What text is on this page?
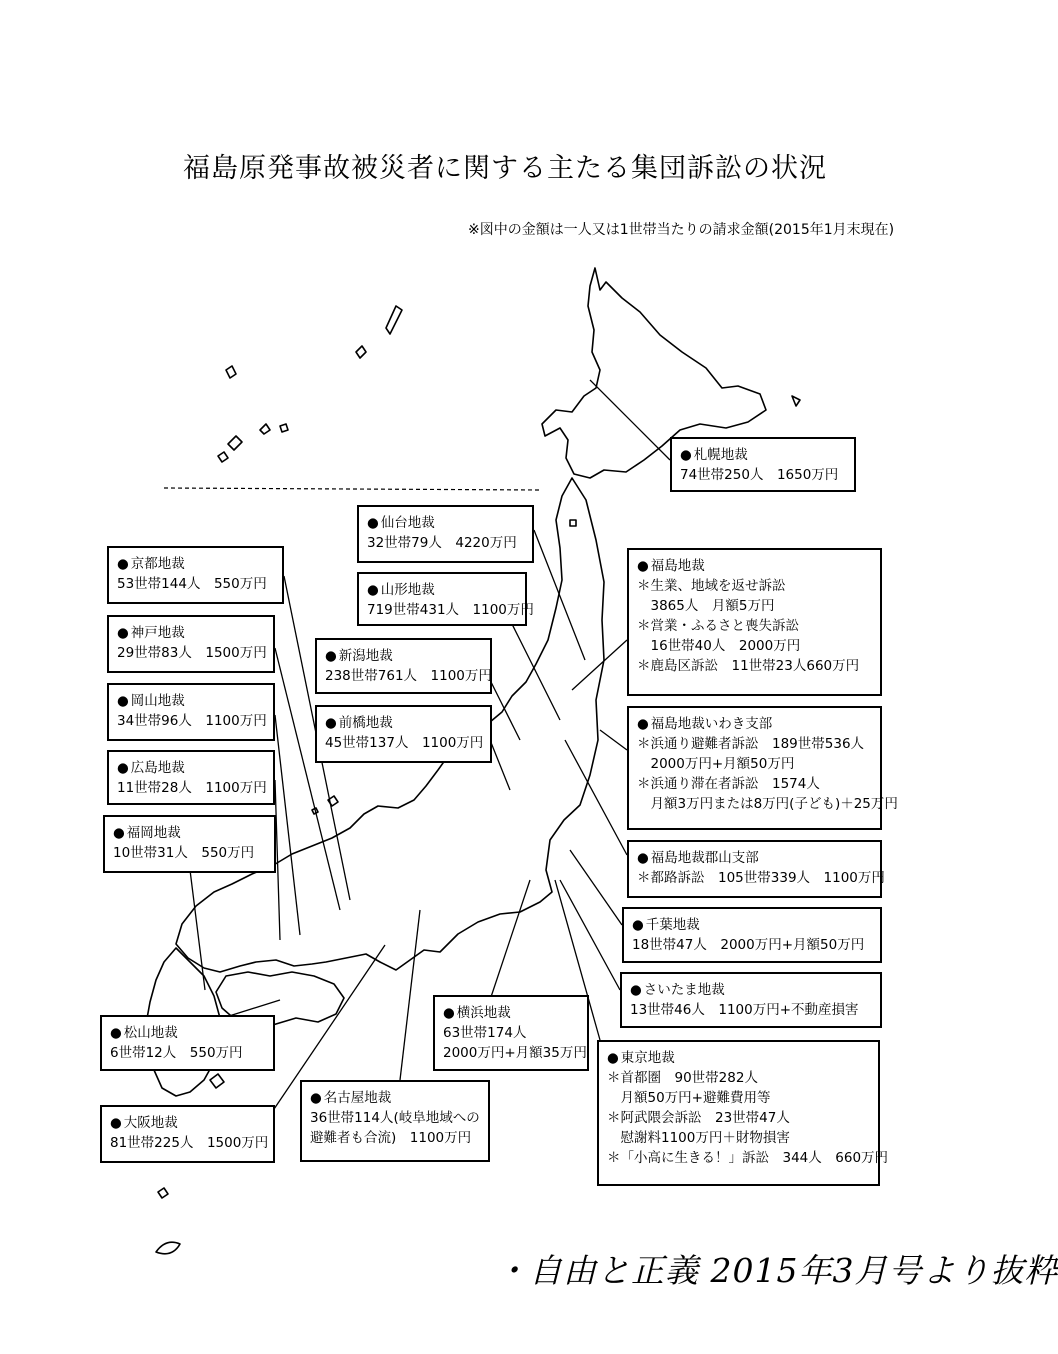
福島原発事故被災者に関する主たる集団訴訟の状況
※図中の金額は一人又は1世帯当たりの請求金額(2015年1月末現在)
● 札幌地裁
74世帯250人　1650万円
● 仙台地裁
32世帯79人　4220万円
● 山形地裁
719世帯431人　1100万円
● 福島地裁
＊生業、地域を返せ訴訟
　3865人　月額5万円
＊営業・ふるさと喪失訴訟
　16世帯40人　2000万円
＊鹿島区訴訟　11世帯23人660万円
● 福島地裁いわき支部
＊浜通り避難者訴訟　189世帯536人
　2000万円+月額50万円
＊浜通り滞在者訴訟　1574人
　月額3万円または8万円(子ども)＋25万円
● 福島地裁郡山支部
＊都路訴訟　105世帯339人　1100万円
● 千葉地裁
18世帯47人　2000万円+月額50万円
● さいたま地裁
13世帯46人　1100万円+不動産損害
● 東京地裁
＊首都圏　90世帯282人
　月額50万円+避難費用等
＊阿武隈会訴訟　23世帯47人
　慰謝料1100万円＋財物損害
＊「小高に生きる！」訴訟　344人　660万円
● 横浜地裁
63世帯174人
2000万円+月額35万円
● 名古屋地裁
36世帯114人(岐阜地域への
避難者も合流)　1100万円
● 新潟地裁
238世帯761人　1100万円
● 前橋地裁
45世帯137人　1100万円
● 京都地裁
53世帯144人　550万円
● 神戸地裁
29世帯83人　1500万円
● 岡山地裁
34世帯96人　1100万円
● 広島地裁
11世帯28人　1100万円
● 福岡地裁
10世帯31人　550万円
● 松山地裁
6世帯12人　550万円
● 大阪地裁
81世帯225人　1500万円
・自由と正義 2015年3月号より抜粋
